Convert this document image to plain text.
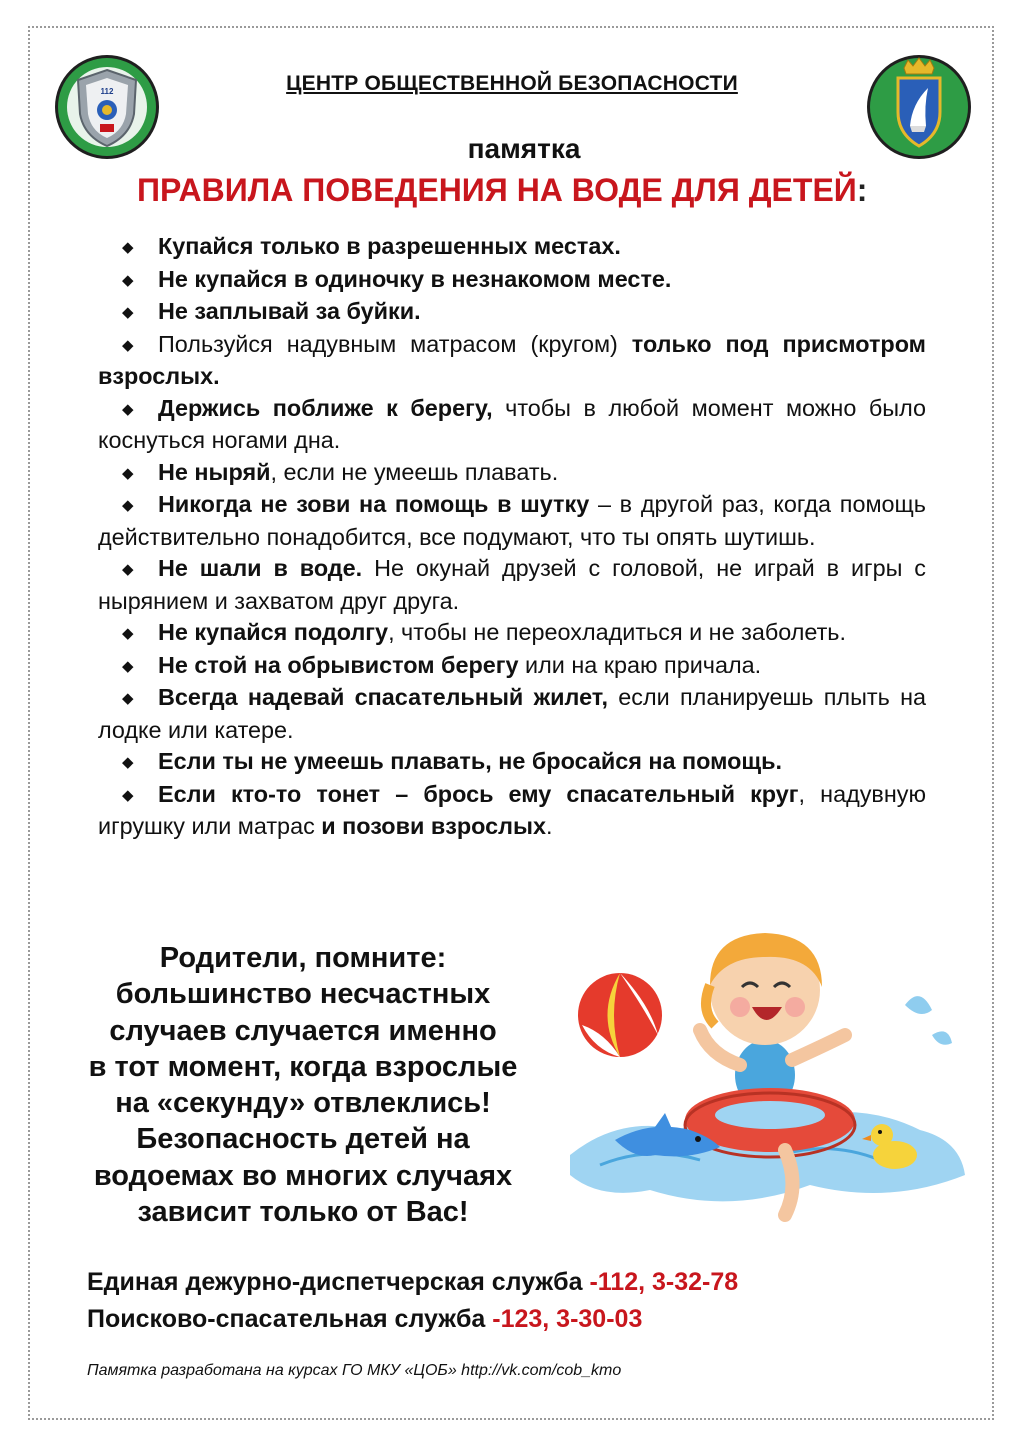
112	ЦЕНТР ОБЩЕСТВЕННОЙ БЕЗОПАСНОСТИ
памятка
ПРАВИЛА ПОВЕДЕНИЯ НА ВОДЕ ДЛЯ ДЕТЕЙ:
◆ Купайся только в разрешенных местах.
◆ Не купайся в одиночку в незнакомом месте.
◆ Не заплывай за буйки.
◆ Пользуйся надувным матрасом (кругом) только под присмотром взрослых.
◆ Держись поближе к берегу, чтобы в любой момент можно было коснуться ногами дна.
◆ Не ныряй, если не умеешь плавать.
◆ Никогда не зови на помощь в шутку – в другой раз, когда помощь действительно понадобится, все подумают, что ты опять шутишь.
◆ Не шали в воде. Не окунай друзей с головой, не играй в игры с нырянием и захватом друг друга.
◆ Не купайся подолгу, чтобы не переохладиться и не заболеть.
◆ Не стой на обрывистом берегу или на краю причала.
◆ Всегда надевай спасательный жилет, если планируешь плыть на лодке или катере.
◆ Если ты не умеешь плавать, не бросайся на помощь.
◆ Если кто-то тонет – брось ему спасательный круг, надувную игрушку или матрас и позови взрослых.
Родители, помните:
большинство несчастных
случаев случается именно
в тот момент, когда взрослые
на «секунду» отвлеклись!
Безопасность детей на
водоемах во многих случаях
зависит только от Вас!
Единая дежурно-диспетчерская служба -112, 3-32-78
Поисково-спасательная служба -123, 3-30-03
Памятка разработана на курсах ГО МКУ «ЦОБ» http://vk.com/cob_kmo
